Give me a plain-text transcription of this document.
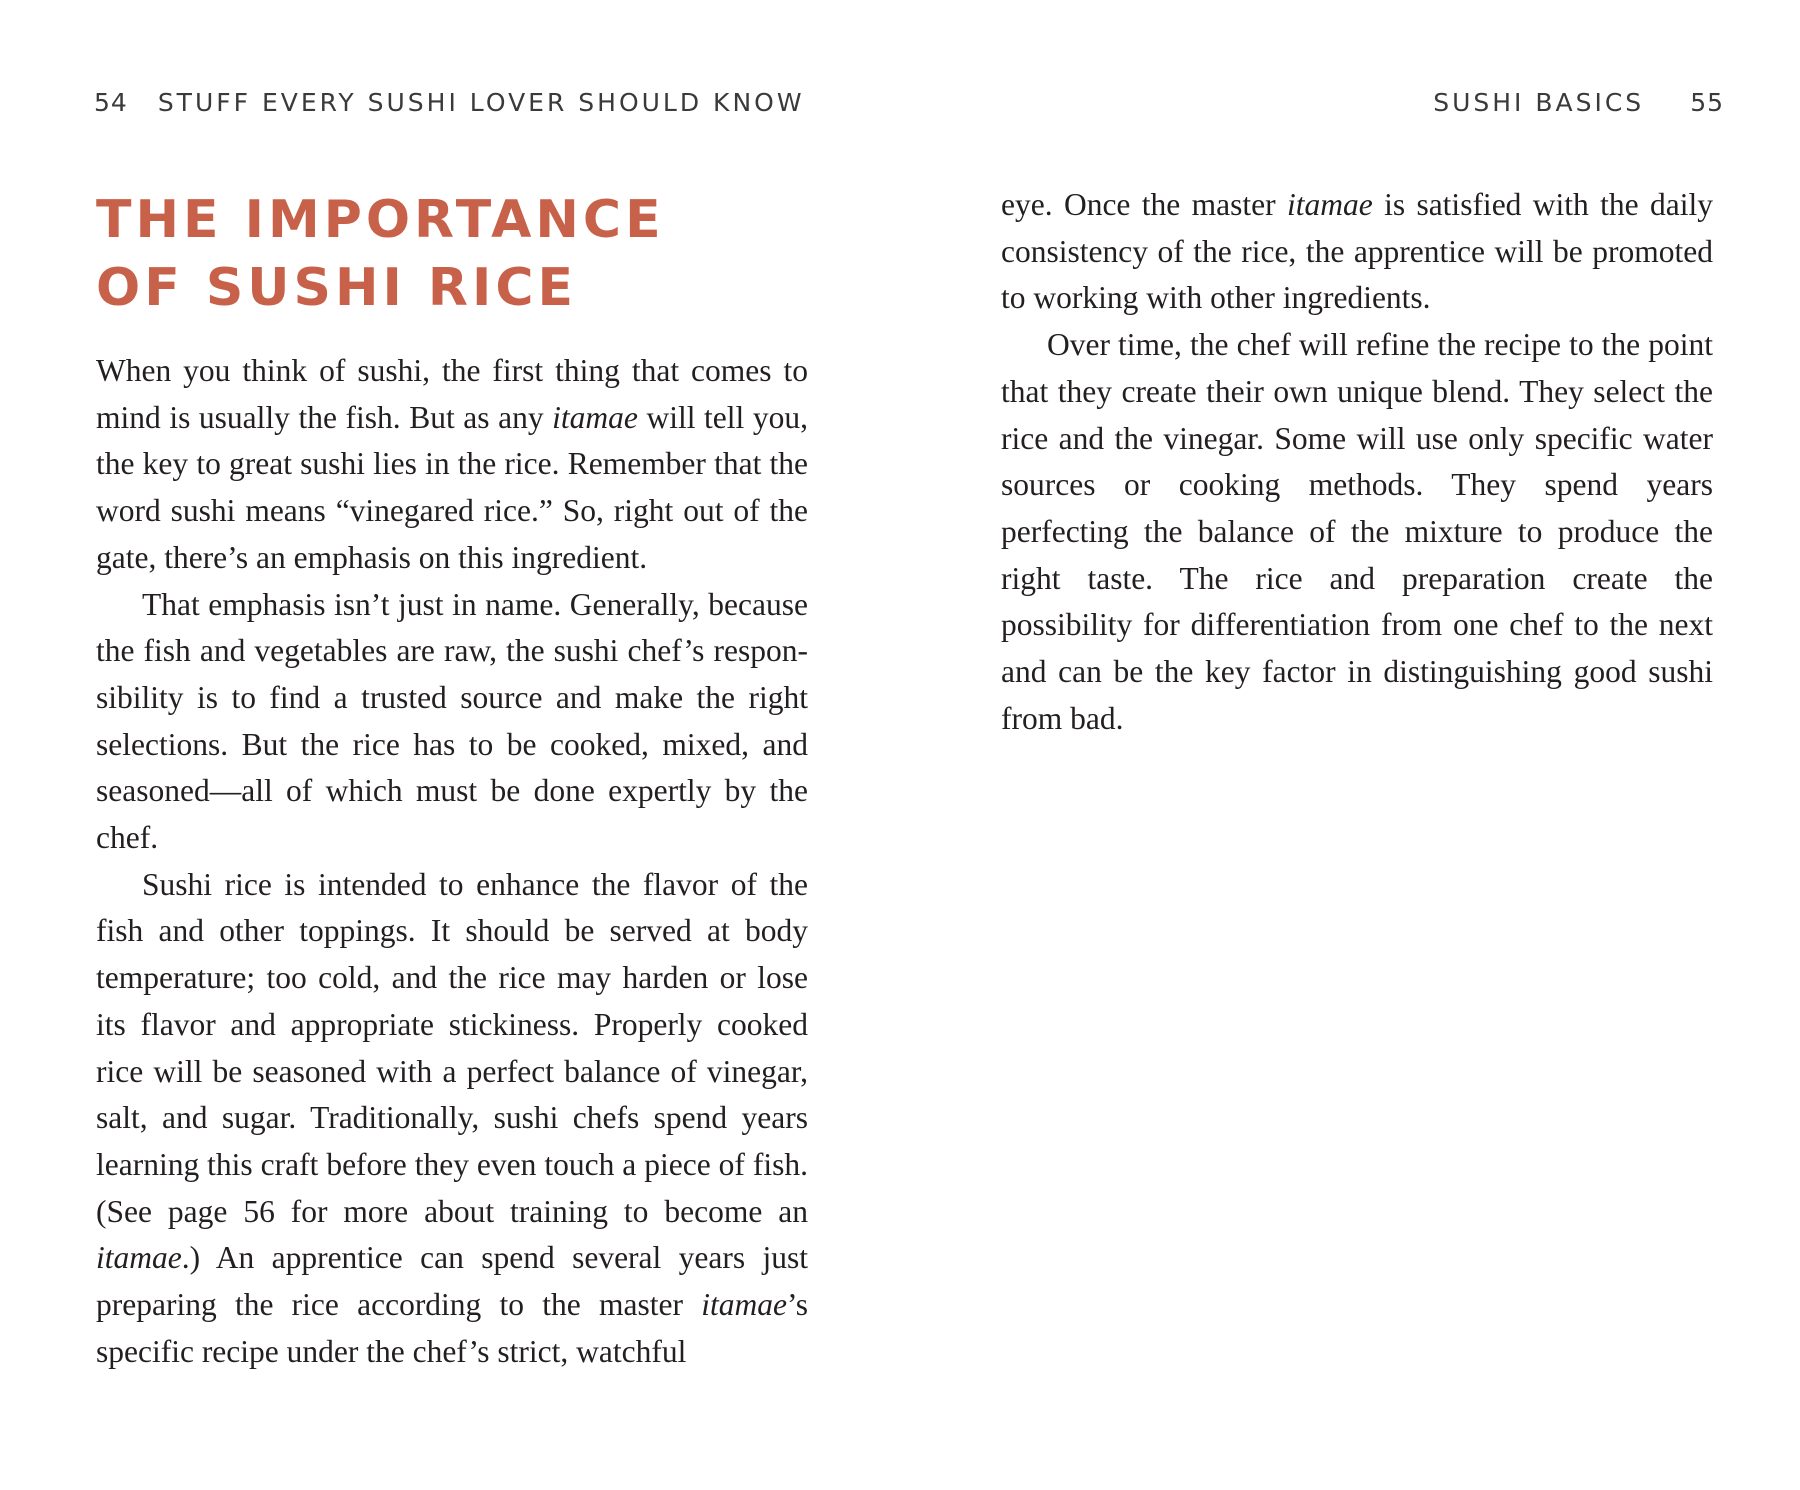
54 STUFF EVERY SUSHI LOVER SHOULD KNOW	SUSHI BASICS 55
THE IMPORTANCE
OF SUSHI RICE

When you think of sushi, the first thing that comes to mind is usually the fish. But as any itamae will tell you, the key to great sushi lies in the rice. Remember that the word sushi means “vinegared rice.” So, right out of the gate, there’s an emphasis on this ingredient.

That emphasis isn’t just in name. Generally, because the fish and vegetables are raw, the sushi chef’s responsibility is to find a trusted source and make the right selections. But the rice has to be cooked, mixed, and seasoned—all of which must be done expertly by the chef.

Sushi rice is intended to enhance the flavor of the fish and other toppings. It should be served at body temperature; too cold, and the rice may harden or lose its flavor and appropriate stickiness. Properly cooked rice will be seasoned with a perfect balance of vinegar, salt, and sugar. Traditionally, sushi chefs spend years learning this craft before they even touch a piece of fish. (See page 56 for more about training to become an itamae.) An apprentice can spend several years just preparing the rice according to the master itamae’s specific recipe under the chef’s strict, watchful

eye. Once the master itamae is satisfied with the daily consistency of the rice, the apprentice will be promoted to working with other ingredients.

Over time, the chef will refine the recipe to the point that they create their own unique blend. They select the rice and the vinegar. Some will use only specific water sources or cooking methods. They spend years perfecting the balance of the mixture to produce the right taste. The rice and preparation create the possibility for differentiation from one chef to the next and can be the key factor in distinguishing good sushi from bad.
